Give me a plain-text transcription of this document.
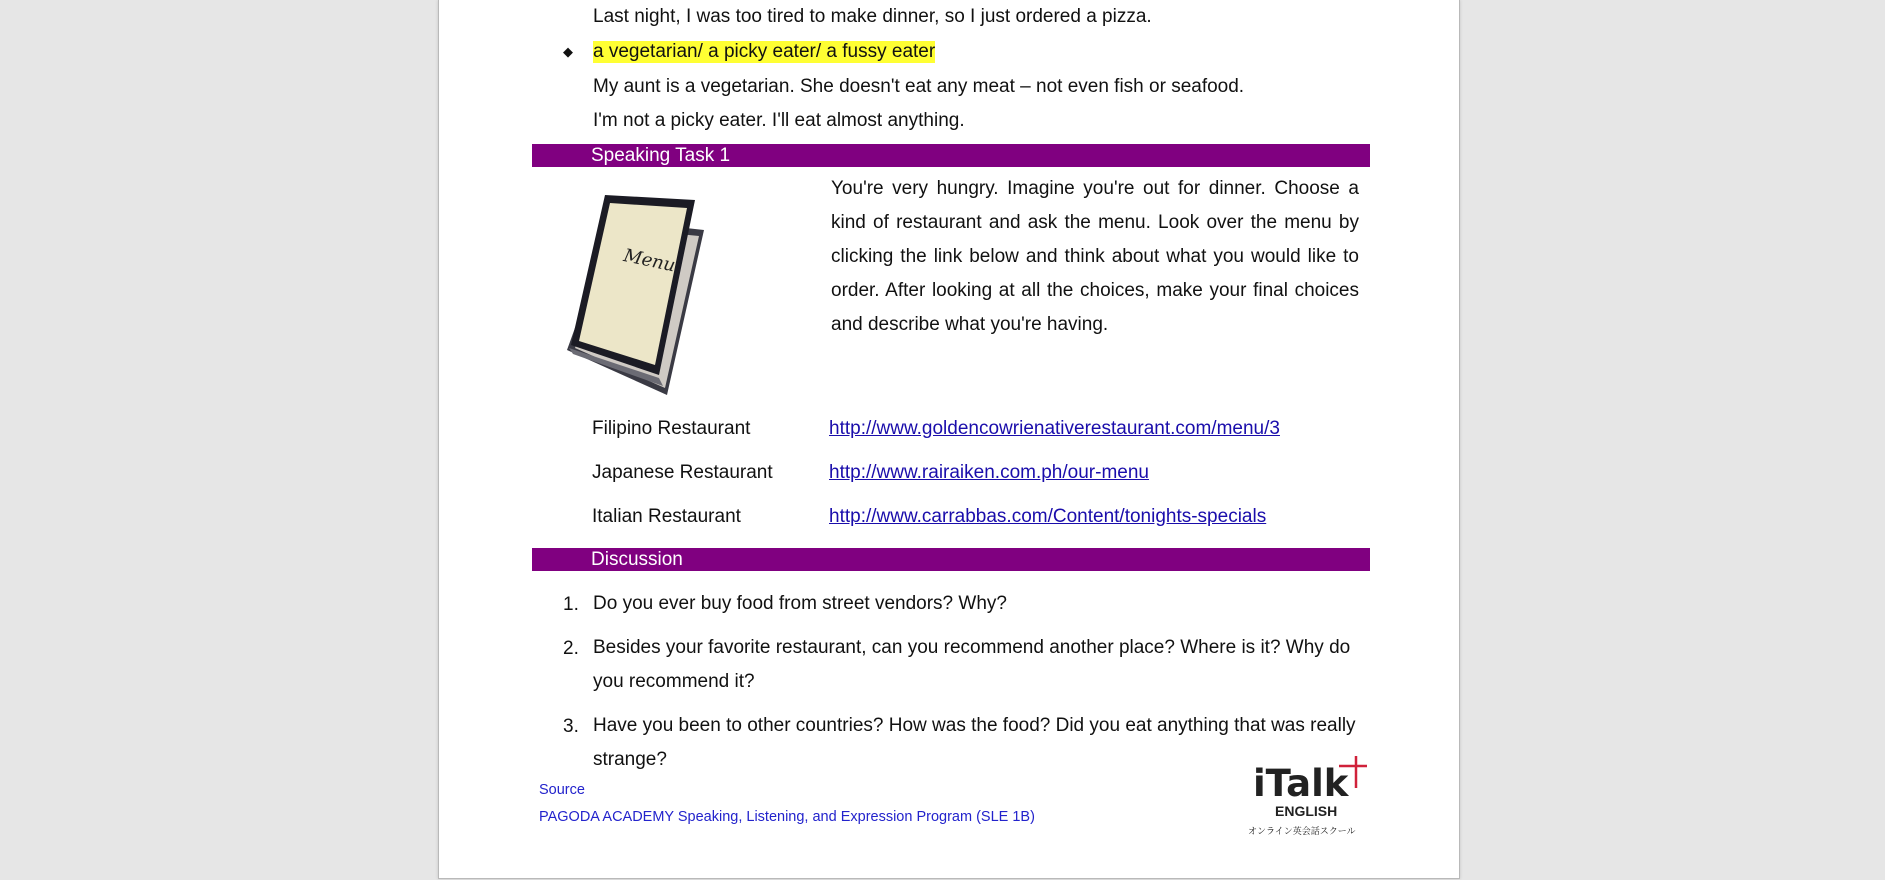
Last night, I was too tired to make dinner, so I just ordered a pizza.
◆ a vegetarian/ a picky eater/ a fussy eater
My aunt is a vegetarian. She doesn't eat any meat – not even fish or seafood.
I'm not a picky eater. I'll eat almost anything.
Speaking Task 1
Menu
You're very hungry. Imagine you're out for dinner. Choose a kind of restaurant and ask the menu. Look over the menu by clicking the link below and think about what you would like to order. After looking at all the choices, make your final choices and describe what you're having.
Filipino Restaurant	http://www.goldencowrienativerestaurant.com/menu/3
Japanese Restaurant	http://www.rairaiken.com.ph/our-menu
Italian Restaurant	http://www.carrabbas.com/Content/tonights-specials
Discussion
1. Do you ever buy food from street vendors? Why?
2. Besides your favorite restaurant, can you recommend another place? Where is it? Why do you recommend it?
3. Have you been to other countries? How was the food? Did you eat anything that was really strange?
Source
PAGODA ACADEMY Speaking, Listening, and Expression Program (SLE 1B)
iTalk
ENGLISH
オンライン英会話スクール
